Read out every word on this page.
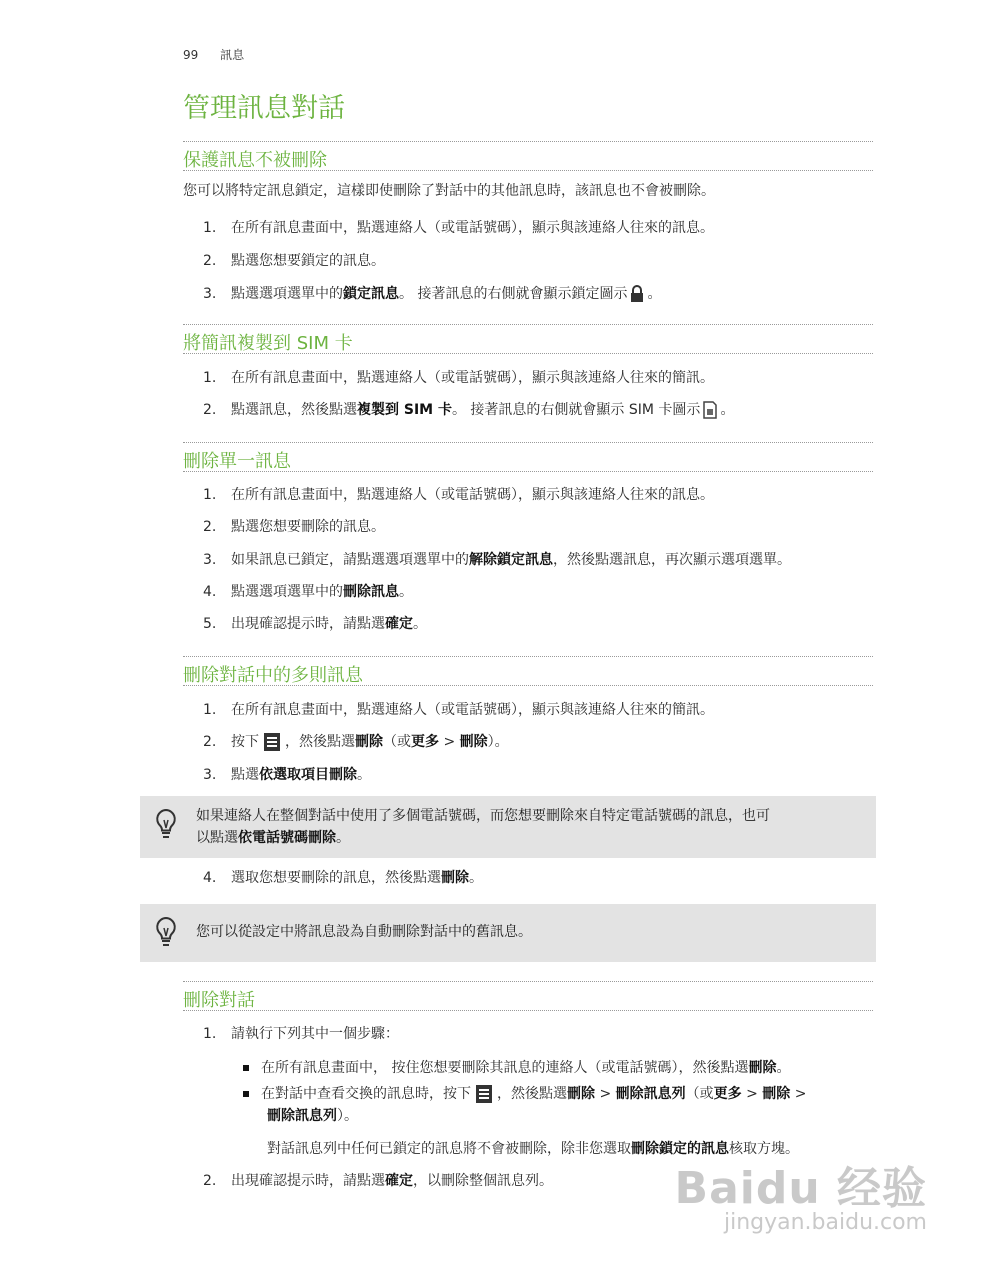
99 訊息
管理訊息對話
保護訊息不被刪除
您可以將特定訊息鎖定，這樣即使刪除了對話中的其他訊息時，該訊息也不會被刪除。
1. 在所有訊息畫面中，點選連絡人（或電話號碼），顯示與該連絡人往來的訊息。
2. 點選您想要鎖定的訊息。
3. 點選選項選單中的鎖定訊息。 接著訊息的右側就會顯示鎖定圖示 。
將簡訊複製到 SIM 卡
1. 在所有訊息畫面中，點選連絡人（或電話號碼），顯示與該連絡人往來的簡訊。
2. 點選訊息，然後點選複製到 SIM 卡。 接著訊息的右側就會顯示 SIM 卡圖示 。
刪除單一訊息
1. 在所有訊息畫面中，點選連絡人（或電話號碼），顯示與該連絡人往來的訊息。
2. 點選您想要刪除的訊息。
3. 如果訊息已鎖定，請點選選項選單中的解除鎖定訊息，然後點選訊息，再次顯示選項選單。
4. 點選選項選單中的刪除訊息。
5. 出現確認提示時，請點選確定。
刪除對話中的多則訊息
1. 在所有訊息畫面中，點選連絡人（或電話號碼），顯示與該連絡人往來的簡訊。
2. 按下 ，然後點選刪除（或更多 > 刪除）。
3. 點選依選取項目刪除。
如果連絡人在整個對話中使用了多個電話號碼，而您想要刪除來自特定電話號碼的訊息，也可
以點選依電話號碼刪除。
4. 選取您想要刪除的訊息，然後點選刪除。
您可以從設定中將訊息設為自動刪除對話中的舊訊息。
刪除對話
1. 請執行下列其中一個步驟：
在所有訊息畫面中， 按住您想要刪除其訊息的連絡人（或電話號碼），然後點選刪除。
在對話中查看交換的訊息時，按下 ，然後點選刪除 > 刪除訊息列（或更多 > 刪除 >
刪除訊息列）。
對話訊息列中任何已鎖定的訊息將不會被刪除，除非您選取刪除鎖定的訊息核取方塊。
2. 出現確認提示時，請點選確定，以刪除整個訊息列。	Baidu 经验
jingyan.baidu.com
